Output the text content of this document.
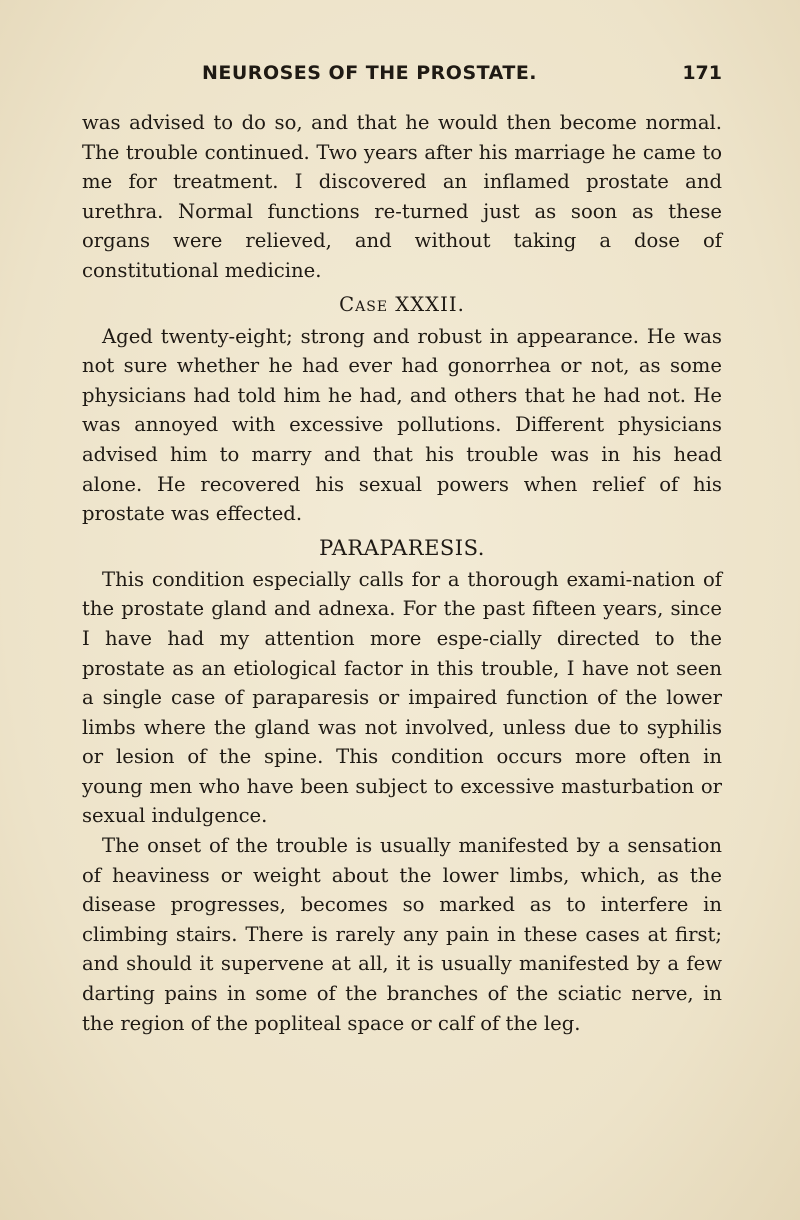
NEUROSES OF THE PROSTATE.	171

was advised to do so, and that he would then become normal. The trouble continued. Two years after his marriage he came to me for treatment. I discovered an inflamed prostate and urethra. Normal functions re-turned just as soon as these organs were relieved, and without taking a dose of constitutional medicine.

Case XXXII.

Aged twenty-eight; strong and robust in appearance. He was not sure whether he had ever had gonorrhea or not, as some physicians had told him he had, and others that he had not. He was annoyed with excessive pollutions. Different physicians advised him to marry and that his trouble was in his head alone. He recovered his sexual powers when relief of his prostate was effected.

PARAPARESIS.

This condition especially calls for a thorough exami-nation of the prostate gland and adnexa. For the past fifteen years, since I have had my attention more espe-cially directed to the prostate as an etiological factor in this trouble, I have not seen a single case of paraparesis or impaired function of the lower limbs where the gland was not involved, unless due to syphilis or lesion of the spine. This condition occurs more often in young men who have been subject to excessive masturbation or sexual indulgence.

The onset of the trouble is usually manifested by a sensation of heaviness or weight about the lower limbs, which, as the disease progresses, becomes so marked as to interfere in climbing stairs. There is rarely any pain in these cases at first; and should it supervene at all, it is usually manifested by a few darting pains in some of the branches of the sciatic nerve, in the region of the popliteal space or calf of the leg.
